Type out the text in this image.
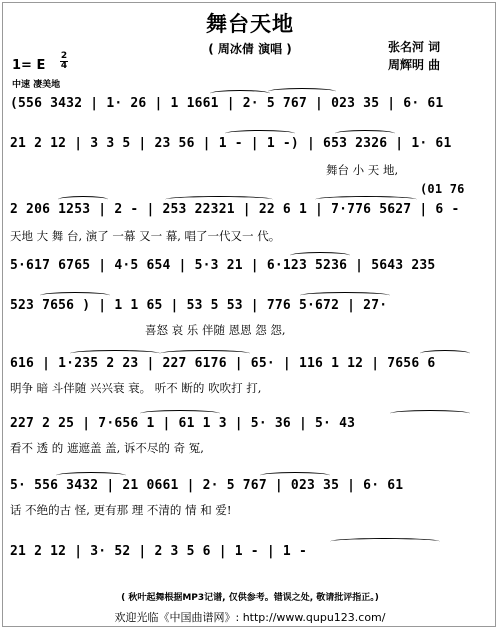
舞台天地
( 周冰倩 演唱 )	张名河 词
周辉明 曲
1= E
2
4
中速 凄美地
(556 3432 | 1· 26 | 1 1661 | 2· 5 767 | 023 35 | 6· 61
21 2 12 | 3 3 5 | 23 56 | 1 - | 1 -) | 653 2326 | 1· 61
舞台 小 天 地,
2 206 1253 | 2 - | 253 22321 | 22 6 1 | 7·776 5627 | 6 -
(01 76
天地 大 舞 台, 演了 一幕 又一 幕, 唱了一代又一 代。
5·617 6765 | 4·5 654 | 5·3 21 | 6·123 5236 | 5643 235
523 7656 ) | 1 1 65 | 53 5 53 | 776 5·672 | 27·
喜怒 哀 乐 伴随 恩恩 怨 怨,
616 | 1·235 2 23 | 227 6176 | 65· | 116 1 12 | 7656 6
明争 暗 斗伴随 兴兴衰 衰。 听不 断的 吹吹打 打,
227 2 25 | 7·656 1 | 61 1 3 | 5· 36 | 5· 43
看不 透 的 遮遮盖 盖, 诉不尽的 奇 冤,
5· 556 3432 | 21 0661 | 2· 5 767 | 023 35 | 6· 61
话 不绝的古 怪, 更有那 理 不清的 情 和 爱!
21 2 12 | 3· 52 | 2 3 5 6 | 1 - | 1 -
( 秋叶起舞根据MP3记谱, 仅供参考。错误之处, 敬请批评指正。)
欢迎光临《中国曲谱网》: http://www.qupu123.com/
